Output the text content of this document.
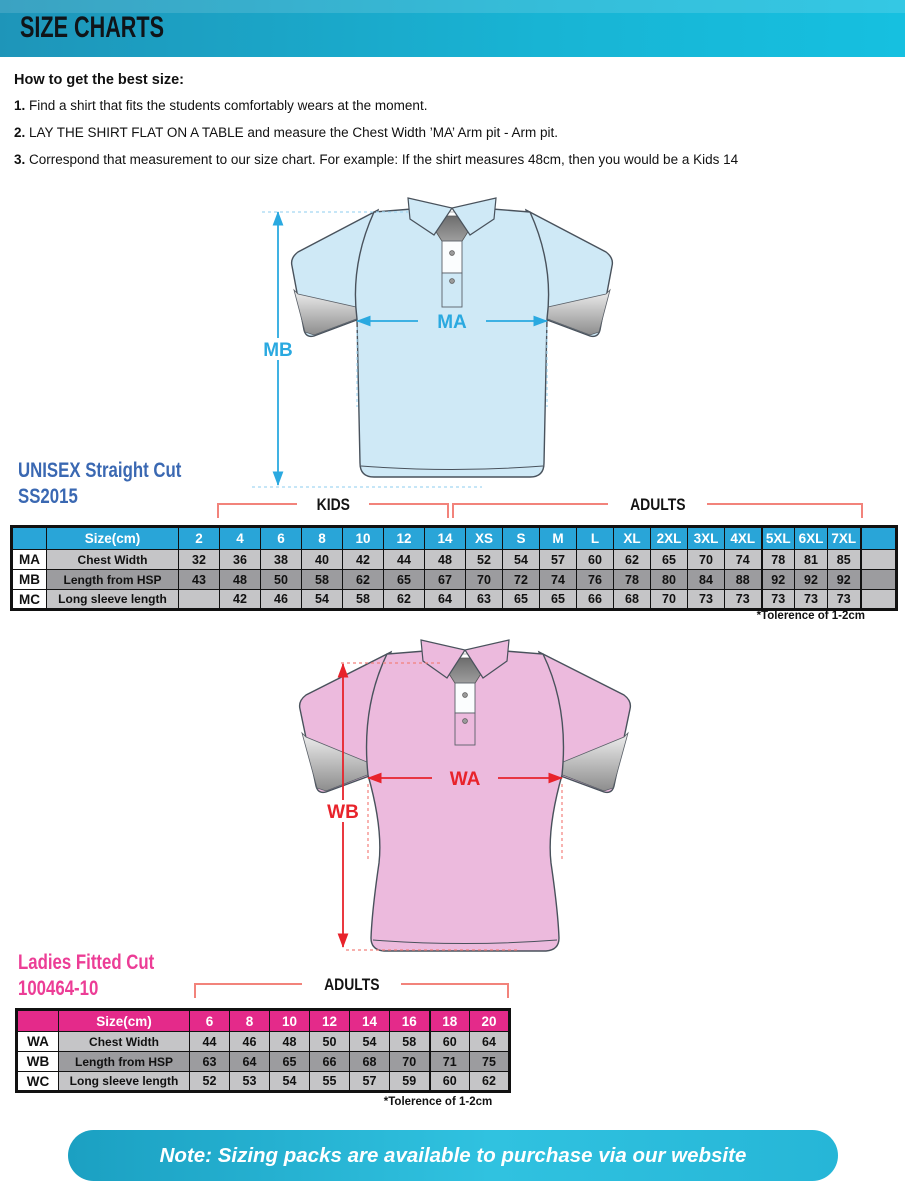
SIZE CHARTS

How to get the best size:

1. Find a shirt that fits the students comfortably wears at the moment.

2. LAY THE SHIRT FLAT ON A TABLE and measure the Chest Width ’MA’ Arm pit - Arm pit.

3. Correspond that measurement to our size chart. For example: If the shirt measures 48cm, then you would be a Kids 14

MA
MB
UNISEX Straight Cut
SS2015	KIDS	ADULTS
	Size(cm)	2	4	6	8	10	12	14	XS	S	M	L	XL	2XL	3XL	4XL	5XL	6XL	7XL	
MA	Chest Width	32	36	38	40	42	44	48	52	54	57	60	62	65	70	74	78	81	85	
MB	Length from HSP	43	48	50	58	62	65	67	70	72	74	76	78	80	84	88	92	92	92	
MC	Long sleeve length		42	46	54	58	62	64	63	65	65	66	68	70	73	73	73	73	73	
*Tolerence of 1-2cm
WA
WB
Ladies Fitted Cut
100464-10	ADULTS
	Size(cm)	6	8	10	12	14	16	18	20
WA	Chest Width	44	46	48	50	54	58	60	64
WB	Length from HSP	63	64	65	66	68	70	71	75
WC	Long sleeve length	52	53	54	55	57	59	60	62
*Tolerence of 1-2cm
Note: Sizing packs are available to purchase via our website
